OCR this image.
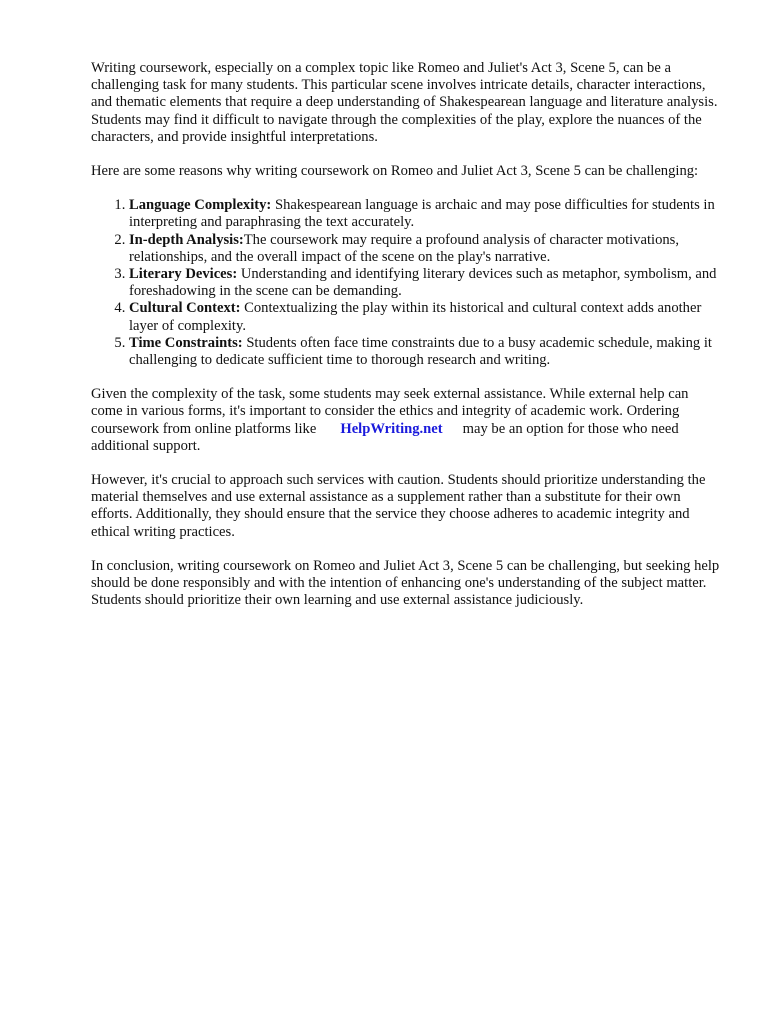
Writing coursework, especially on a complex topic like Romeo and Juliet's Act 3, Scene 5, can be a challenging task for many students. This particular scene involves intricate details, character interactions, and thematic elements that require a deep understanding of Shakespearean language and literature analysis. Students may find it difficult to navigate through the complexities of the play, explore the nuances of the characters, and provide insightful interpretations.

Here are some reasons why writing coursework on Romeo and Juliet Act 3, Scene 5 can be challenging:

1. Language Complexity: Shakespearean language is archaic and may pose difficulties for students in interpreting and paraphrasing the text accurately.
2. In-depth Analysis:The coursework may require a profound analysis of character motivations, relationships, and the overall impact of the scene on the play's narrative.
3. Literary Devices: Understanding and identifying literary devices such as metaphor, symbolism, and foreshadowing in the scene can be demanding.
4. Cultural Context: Contextualizing the play within its historical and cultural context adds another layer of complexity.
5. Time Constraints: Students often face time constraints due to a busy academic schedule, making it challenging to dedicate sufficient time to thorough research and writing.

Given the complexity of the task, some students may seek external assistance. While external help can come in various forms, it's important to consider the ethics and integrity of academic work. Ordering coursework from online platforms like HelpWriting.net may be an option for those who need additional support.

However, it's crucial to approach such services with caution. Students should prioritize understanding the material themselves and use external assistance as a supplement rather than a substitute for their own efforts. Additionally, they should ensure that the service they choose adheres to academic integrity and ethical writing practices.

In conclusion, writing coursework on Romeo and Juliet Act 3, Scene 5 can be challenging, but seeking help should be done responsibly and with the intention of enhancing one's understanding of the subject matter. Students should prioritize their own learning and use external assistance judiciously.
